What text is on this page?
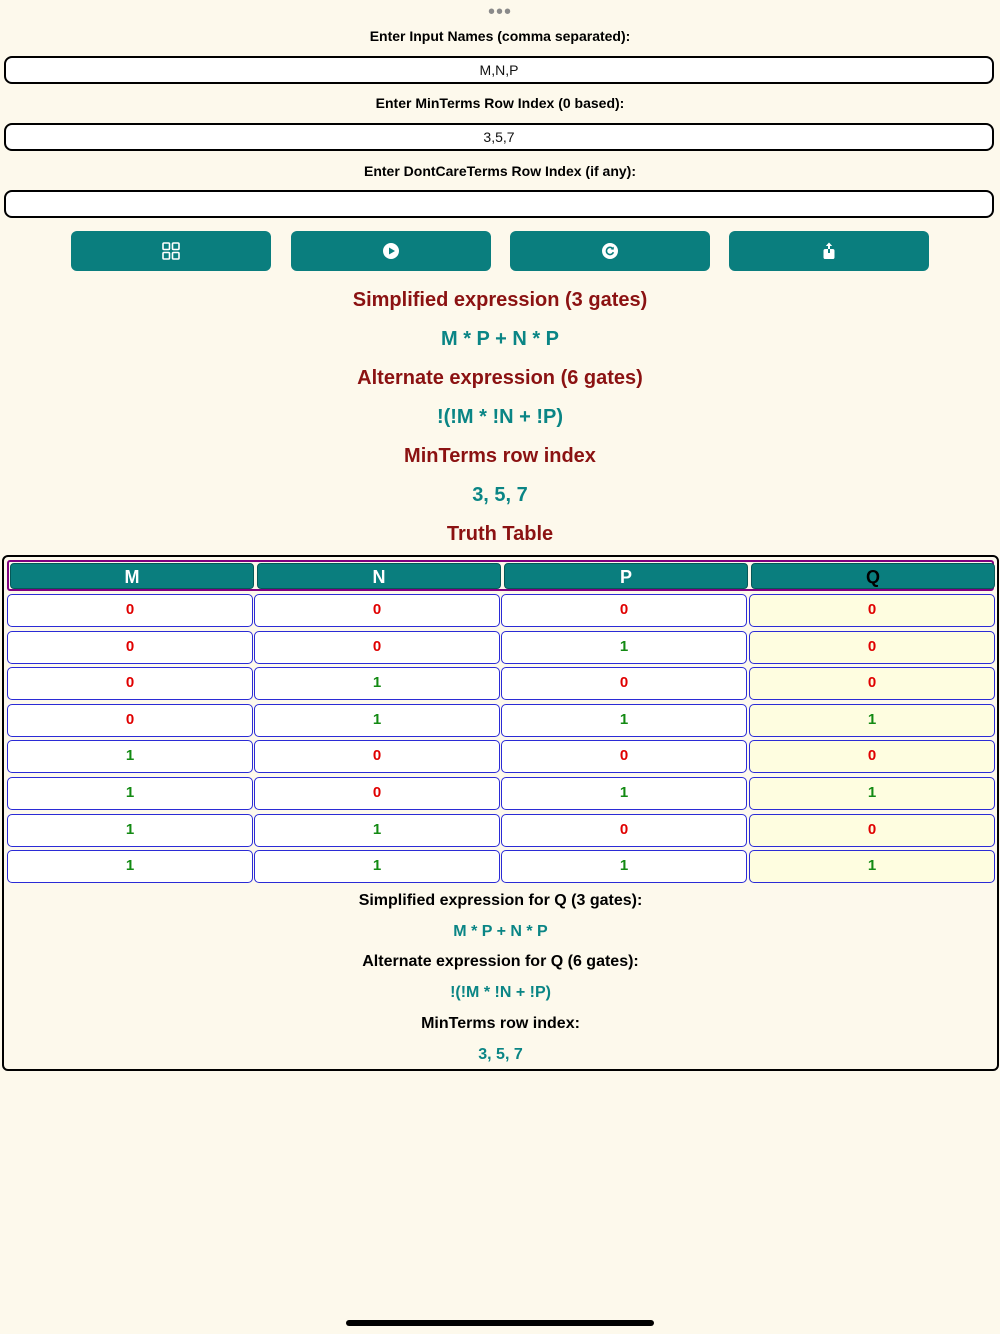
•••
Enter Input Names (comma separated):
M,N,P
Enter MinTerms Row Index (0 based):
3,5,7
Enter DontCareTerms Row Index (if any):
Simplified expression (3 gates)
M * P + N * P
Alternate expression (6 gates)
!(!M * !N + !P)
MinTerms row index
3, 5, 7
Truth Table
M	N	P	Q
0	0	0	0
0	0	1	0
0	1	0	0
0	1	1	1
1	0	0	0
1	0	1	1
1	1	0	0
1	1	1	1
Simplified expression for Q (3 gates):
M * P + N * P
Alternate expression for Q (6 gates):
!(!M * !N + !P)
MinTerms row index:
3, 5, 7
